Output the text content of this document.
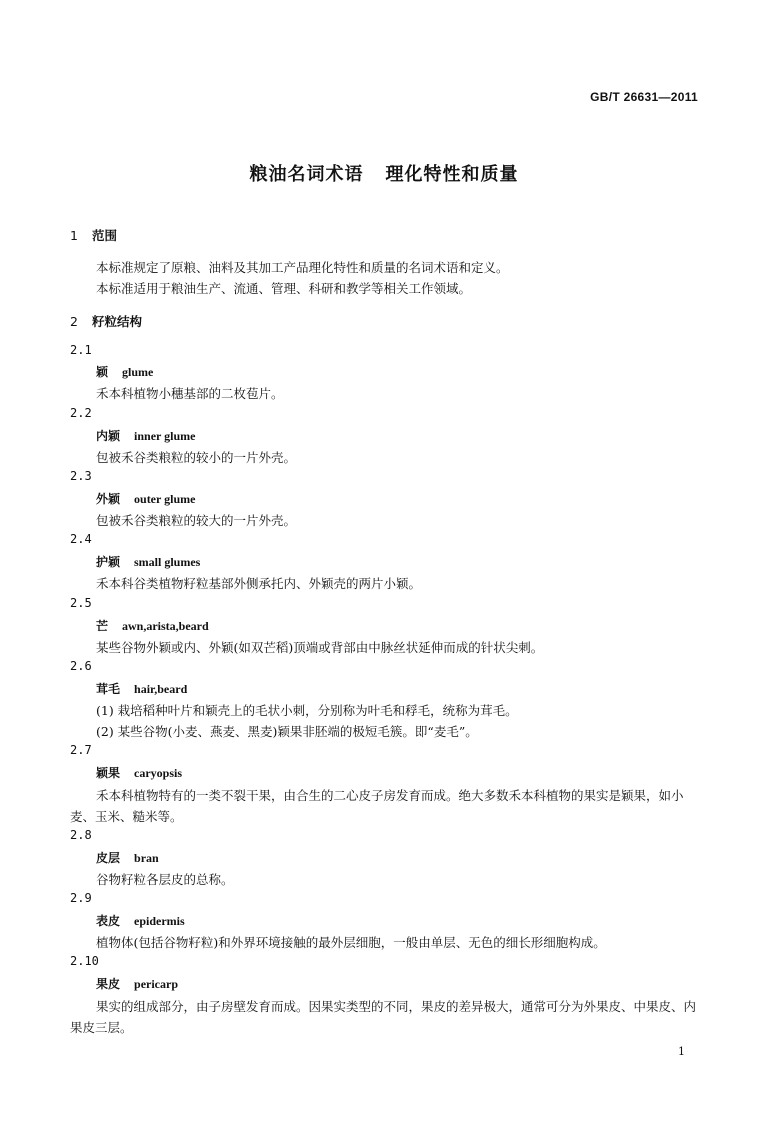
GB/T 26631—2011
粮油名词术语 理化特性和质量
1 范围
本标准规定了原粮、油料及其加工产品理化特性和质量的名词术语和定义。
本标准适用于粮油生产、流通、管理、科研和教学等相关工作领域。
2 籽粒结构
2.1
颖 glume
禾本科植物小穗基部的二枚苞片。
2.2
内颖 inner glume
包被禾谷类粮粒的较小的一片外壳。
2.3
外颖 outer glume
包被禾谷类粮粒的较大的一片外壳。
2.4
护颖 small glumes
禾本科谷类植物籽粒基部外侧承托内、外颖壳的两片小颖。
2.5
芒 awn,arista,beard
某些谷物外颖或内、外颖(如双芒稻)顶端或背部由中脉丝状延伸而成的针状尖刺。
2.6
茸毛 hair,beard
(1) 栽培稻种叶片和颖壳上的毛状小刺，分别称为叶毛和稃毛，统称为茸毛。
(2) 某些谷物(小麦、燕麦、黑麦)颖果非胚端的极短毛簇。即“麦毛”。
2.7
颖果 caryopsis
禾本科植物特有的一类不裂干果，由合生的二心皮子房发育而成。绝大多数禾本科植物的果实是颖果，如小麦、玉米、糙米等。
2.8
皮层 bran
谷物籽粒各层皮的总称。
2.9
表皮 epidermis
植物体(包括谷物籽粒)和外界环境接触的最外层细胞，一般由单层、无色的细长形细胞构成。
2.10
果皮 pericarp
果实的组成部分，由子房壁发育而成。因果实类型的不同，果皮的差异极大，通常可分为外果皮、中果皮、内果皮三层。
1
